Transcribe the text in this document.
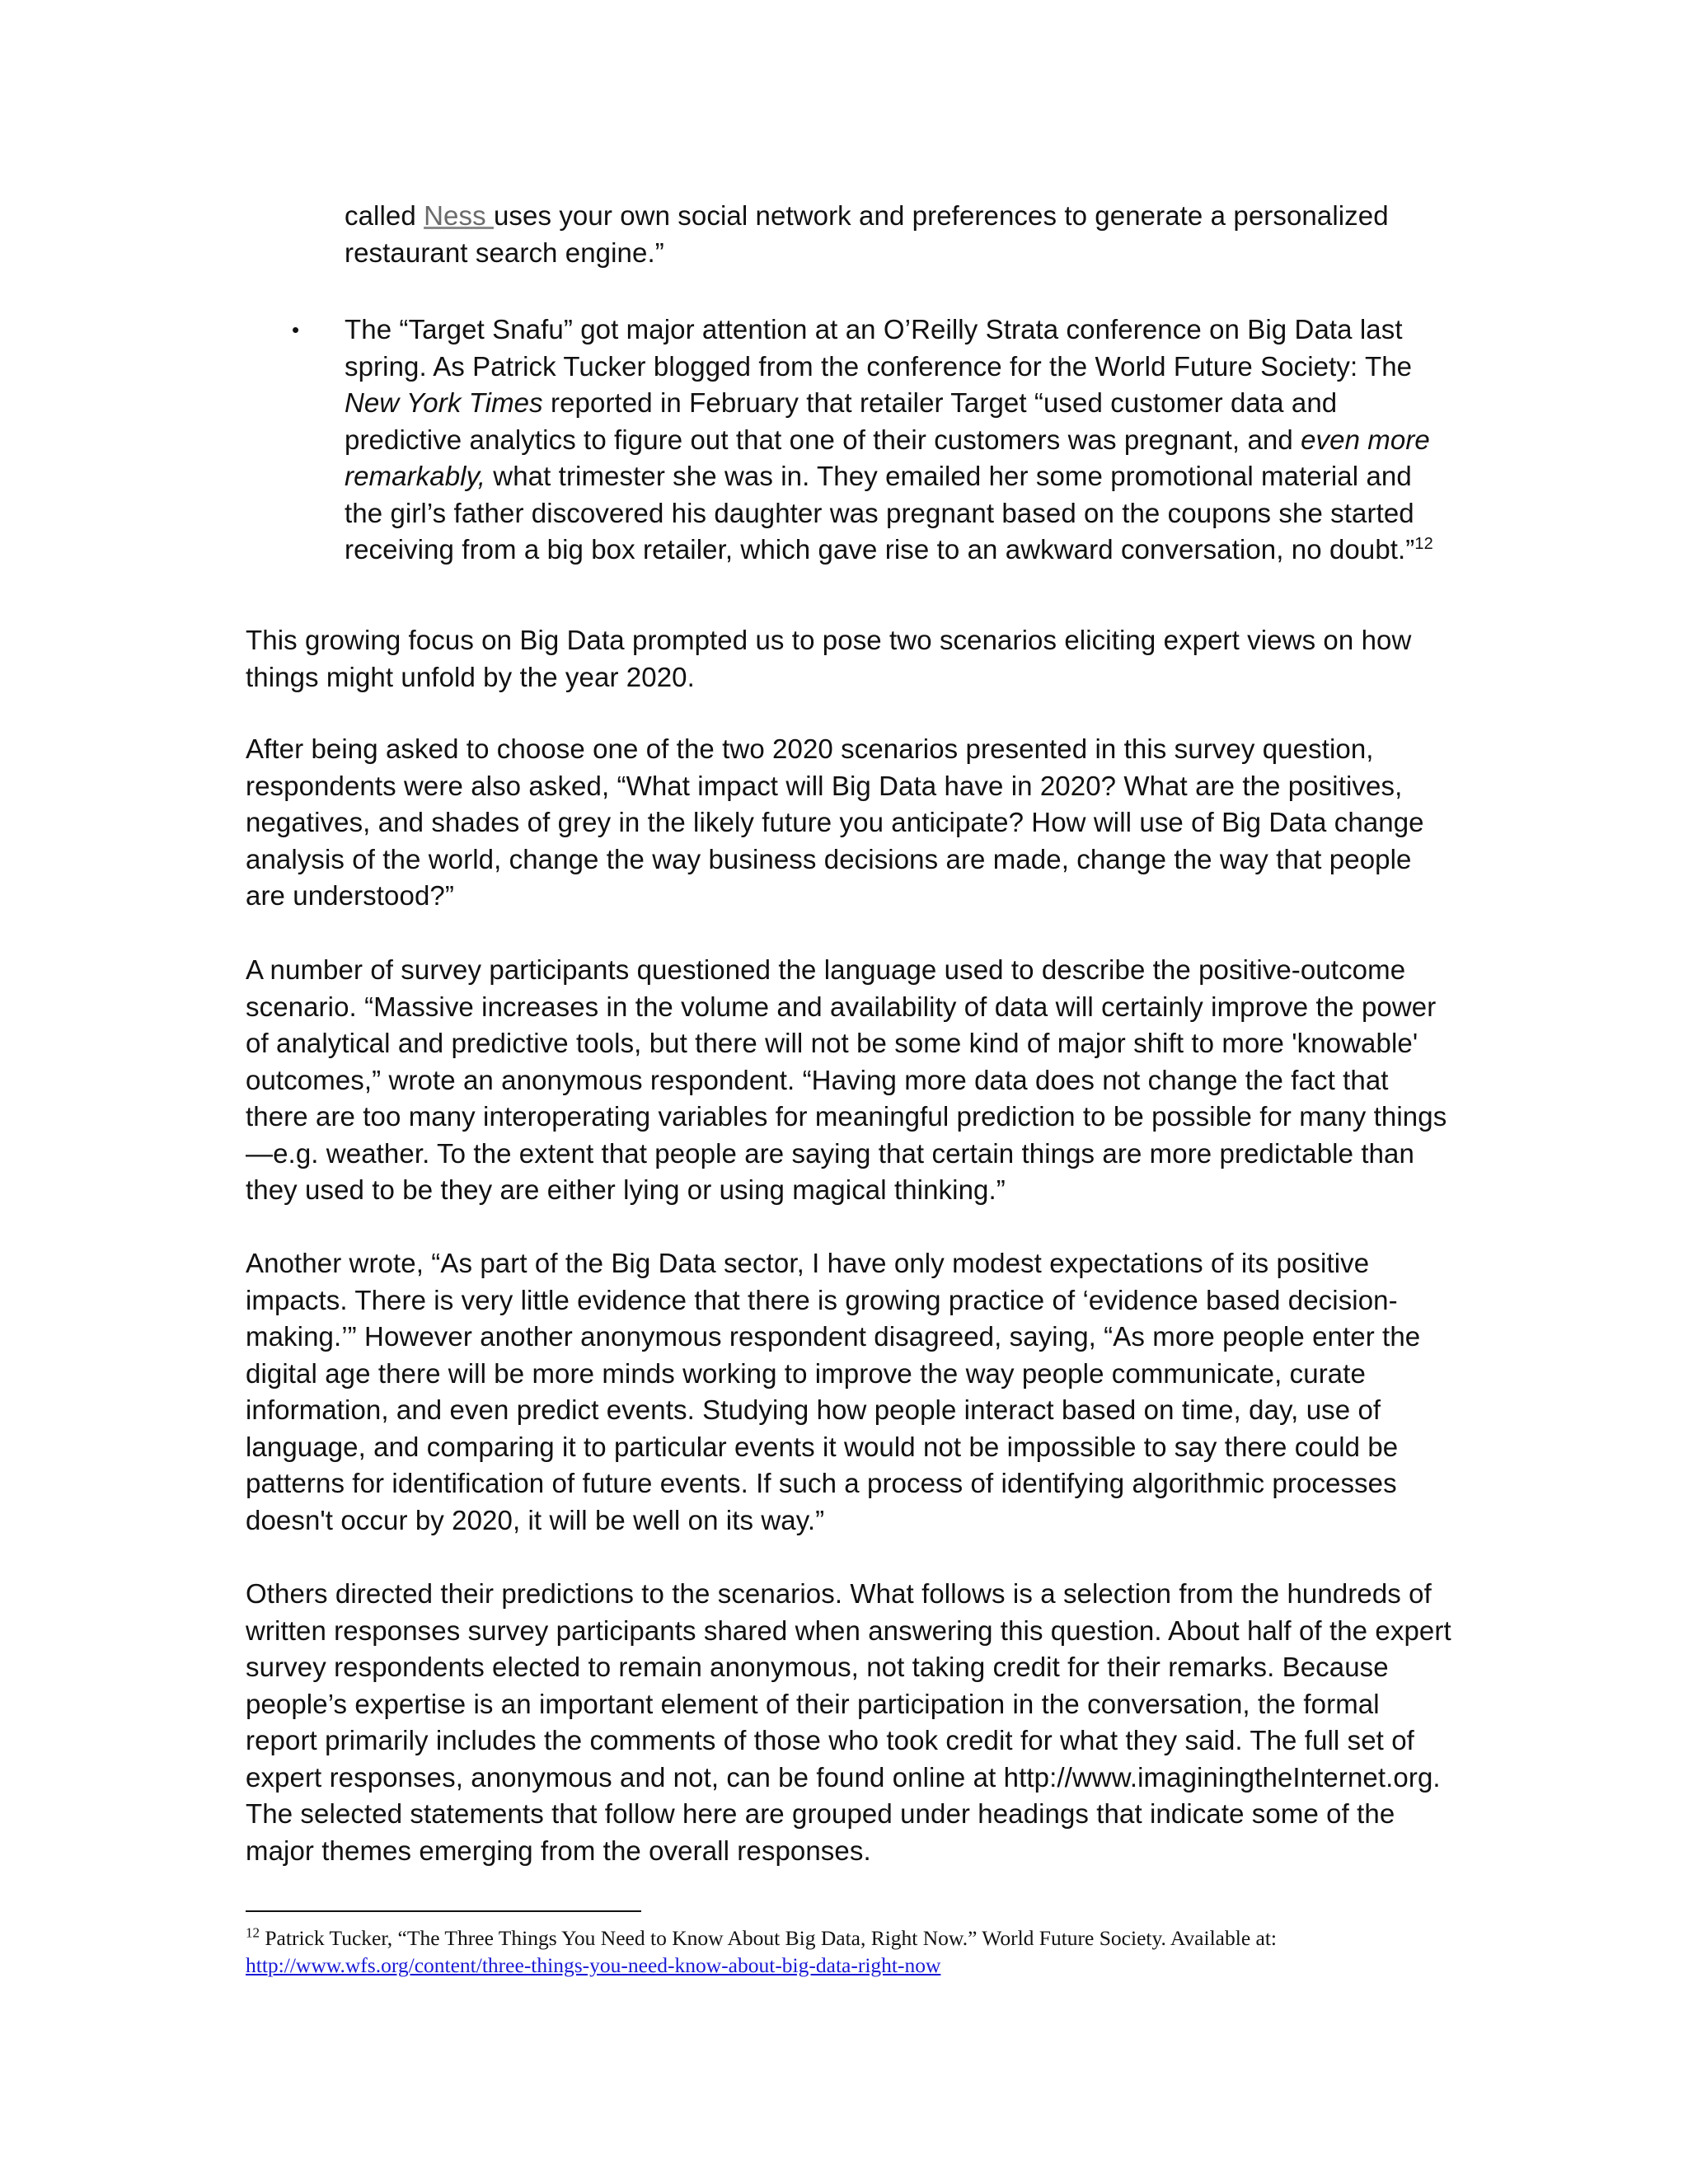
called Ness uses your own social network and preferences to generate a personalized restaurant search engine.”

• The “Target Snafu” got major attention at an O’Reilly Strata conference on Big Data last spring. As Patrick Tucker blogged from the conference for the World Future Society: The New York Times reported in February that retailer Target “used customer data and predictive analytics to figure out that one of their customers was pregnant, and even more remarkably, what trimester she was in. They emailed her some promotional material and the girl’s father discovered his daughter was pregnant based on the coupons she started receiving from a big box retailer, which gave rise to an awkward conversation, no doubt.”$^{12}$

This growing focus on Big Data prompted us to pose two scenarios eliciting expert views on how things might unfold by the year 2020.

After being asked to choose one of the two 2020 scenarios presented in this survey question, respondents were also asked, “What impact will Big Data have in 2020? What are the positives, negatives, and shades of grey in the likely future you anticipate? How will use of Big Data change analysis of the world, change the way business decisions are made, change the way that people are understood?”

A number of survey participants questioned the language used to describe the positive-outcome scenario. “Massive increases in the volume and availability of data will certainly improve the power of analytical and predictive tools, but there will not be some kind of major shift to more 'knowable' outcomes,” wrote an anonymous respondent. “Having more data does not change the fact that there are too many interoperating variables for meaningful prediction to be possible for many things—e.g. weather. To the extent that people are saying that certain things are more predictable than they used to be they are either lying or using magical thinking.”

Another wrote, “As part of the Big Data sector, I have only modest expectations of its positive impacts. There is very little evidence that there is growing practice of ‘evidence based decision-making.’” However another anonymous respondent disagreed, saying, “As more people enter the digital age there will be more minds working to improve the way people communicate, curate information, and even predict events. Studying how people interact based on time, day, use of language, and comparing it to particular events it would not be impossible to say there could be patterns for identification of future events. If such a process of identifying algorithmic processes doesn't occur by 2020, it will be well on its way.”

Others directed their predictions to the scenarios. What follows is a selection from the hundreds of written responses survey participants shared when answering this question. About half of the expert survey respondents elected to remain anonymous, not taking credit for their remarks. Because people’s expertise is an important element of their participation in the conversation, the formal report primarily includes the comments of those who took credit for what they said. The full set of expert responses, anonymous and not, can be found online at http://www.imaginingtheInternet.org. The selected statements that follow here are grouped under headings that indicate some of the major themes emerging from the overall responses.

$^{12}$ Patrick Tucker, “The Three Things You Need to Know About Big Data, Right Now.” World Future Society. Available at:
http://www.wfs.org/content/three-things-you-need-know-about-big-data-right-now
